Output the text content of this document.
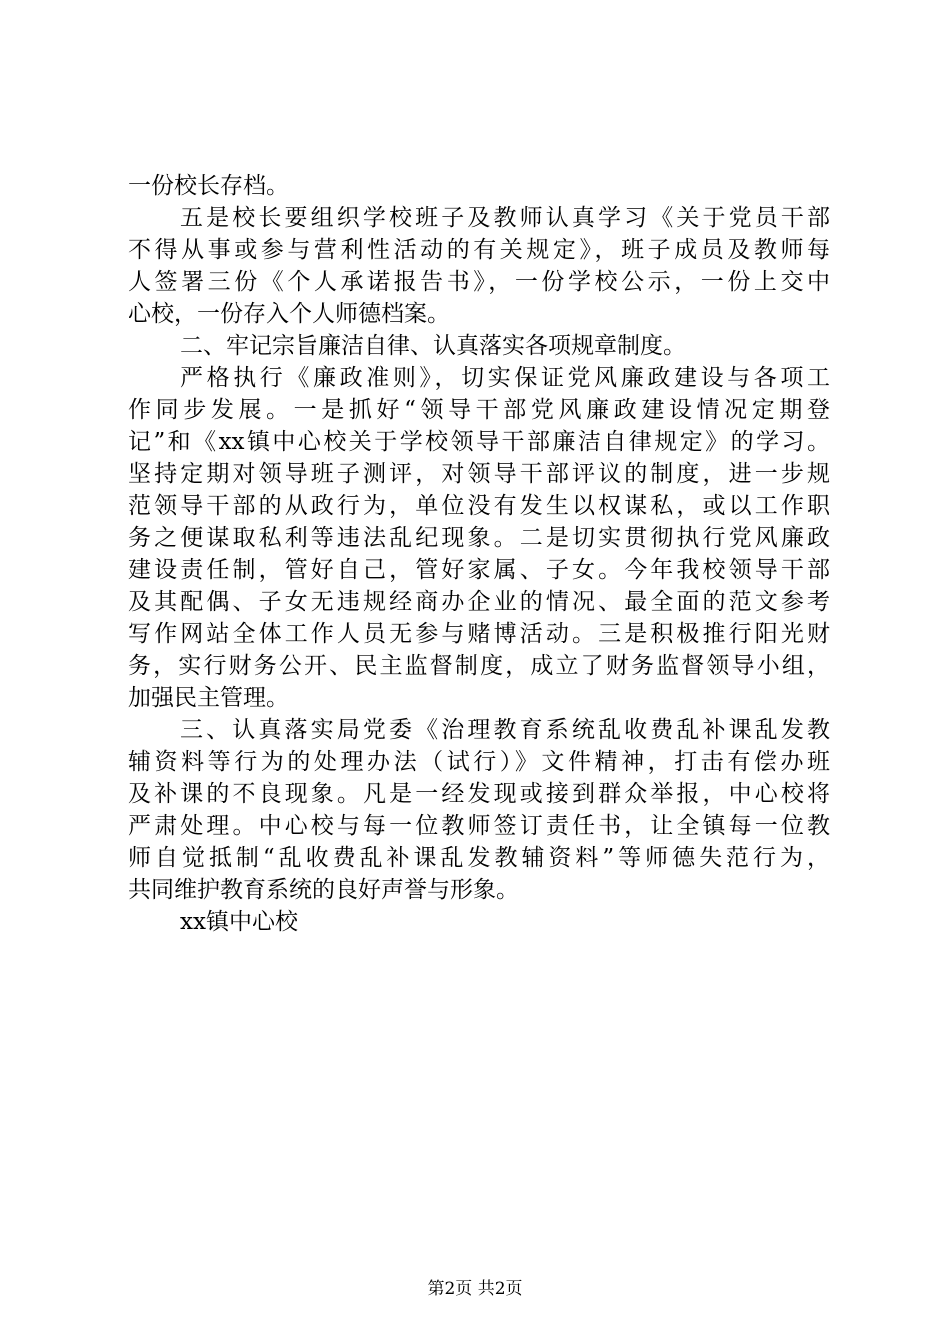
一份校长存档。
五是校长要组织学校班子及教师认真学习《关于党员干部
不得从事或参与营利性活动的有关规定》，班子成员及教师每
人签署三份《个人承诺报告书》，一份学校公示，一份上交中
心校，一份存入个人师德档案。
二、牢记宗旨廉洁自律、认真落实各项规章制度。
严格执行《廉政准则》，切实保证党风廉政建设与各项工
作同步发展。一是抓好“领导干部党风廉政建设情况定期登
记”和《xx镇中心校关于学校领导干部廉洁自律规定》的学习。
坚持定期对领导班子测评，对领导干部评议的制度，进一步规
范领导干部的从政行为，单位没有发生以权谋私，或以工作职
务之便谋取私利等违法乱纪现象。二是切实贯彻执行党风廉政
建设责任制，管好自己，管好家属、子女。今年我校领导干部
及其配偶、子女无违规经商办企业的情况、最全面的范文参考
写作网站全体工作人员无参与赌博活动。三是积极推行阳光财
务，实行财务公开、民主监督制度，成立了财务监督领导小组，
加强民主管理。
三、认真落实局党委《治理教育系统乱收费乱补课乱发教
辅资料等行为的处理办法（试行）》文件精神，打击有偿办班
及补课的不良现象。凡是一经发现或接到群众举报，中心校将
严肃处理。中心校与每一位教师签订责任书，让全镇每一位教
师自觉抵制“乱收费乱补课乱发教辅资料”等师德失范行为，
共同维护教育系统的良好声誉与形象。
xx镇中心校
第2页 共2页
